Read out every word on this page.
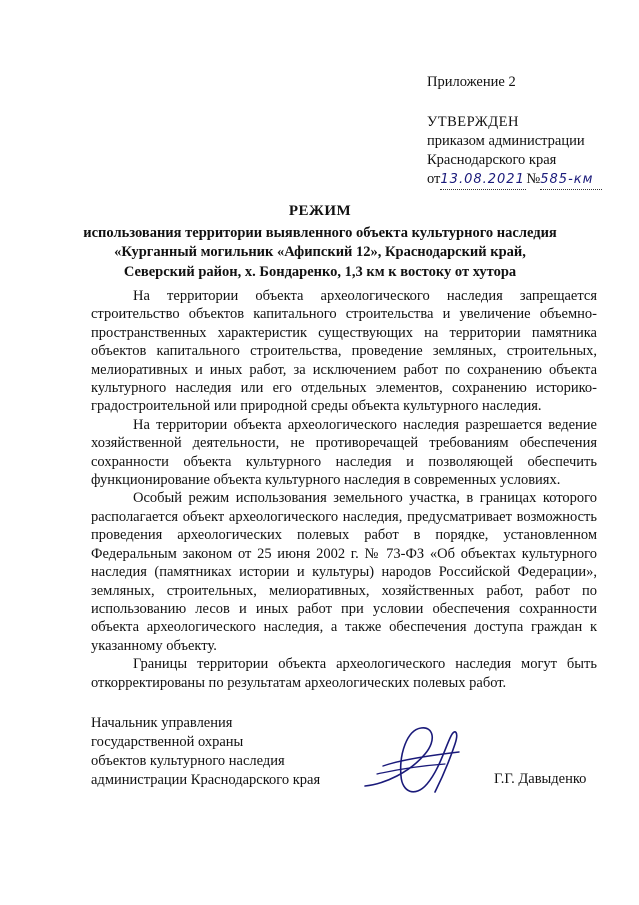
Приложение 2
УТВЕРЖДЕН
приказом администрации
Краснодарского края
от13.08.2021 №585-км
РЕЖИМ
использования территории выявленного объекта культурного наследия
«Курганный могильник «Афипский 12», Краснодарский край,
Северский район, х. Бондаренко, 1,3 км к востоку от хутора

На территории объекта археологического наследия запрещается строительство объектов капитального строительства и увеличение объемно-пространственных характеристик существующих на территории памятника объектов капитального строительства, проведение земляных, строительных, мелиоративных и иных работ, за исключением работ по сохранению объекта культурного наследия или его отдельных элементов, сохранению историко-градостроительной или природной среды объекта культурного наследия.

На территории объекта археологического наследия разрешается ведение хозяйственной деятельности, не противоречащей требованиям обеспечения сохранности объекта культурного наследия и позволяющей обеспечить функционирование объекта культурного наследия в современных условиях.

Особый режим использования земельного участка, в границах которого располагается объект археологического наследия, предусматривает возможность проведения археологических полевых работ в порядке, установленном Федеральным законом от 25 июня 2002 г. № 73-ФЗ «Об объектах культурного наследия (памятниках истории и культуры) народов Российской Федерации», земляных, строительных, мелиоративных, хозяйственных работ, работ по использованию лесов и иных работ при условии обеспечения сохранности объекта археологического наследия, а также обеспечения доступа граждан к указанному объекту.

Границы территории объекта археологического наследия могут быть откорректированы по результатам археологических полевых работ.

Начальник управления
государственной охраны
объектов культурного наследия
администрации Краснодарского края	Г.Г. Давыденко
